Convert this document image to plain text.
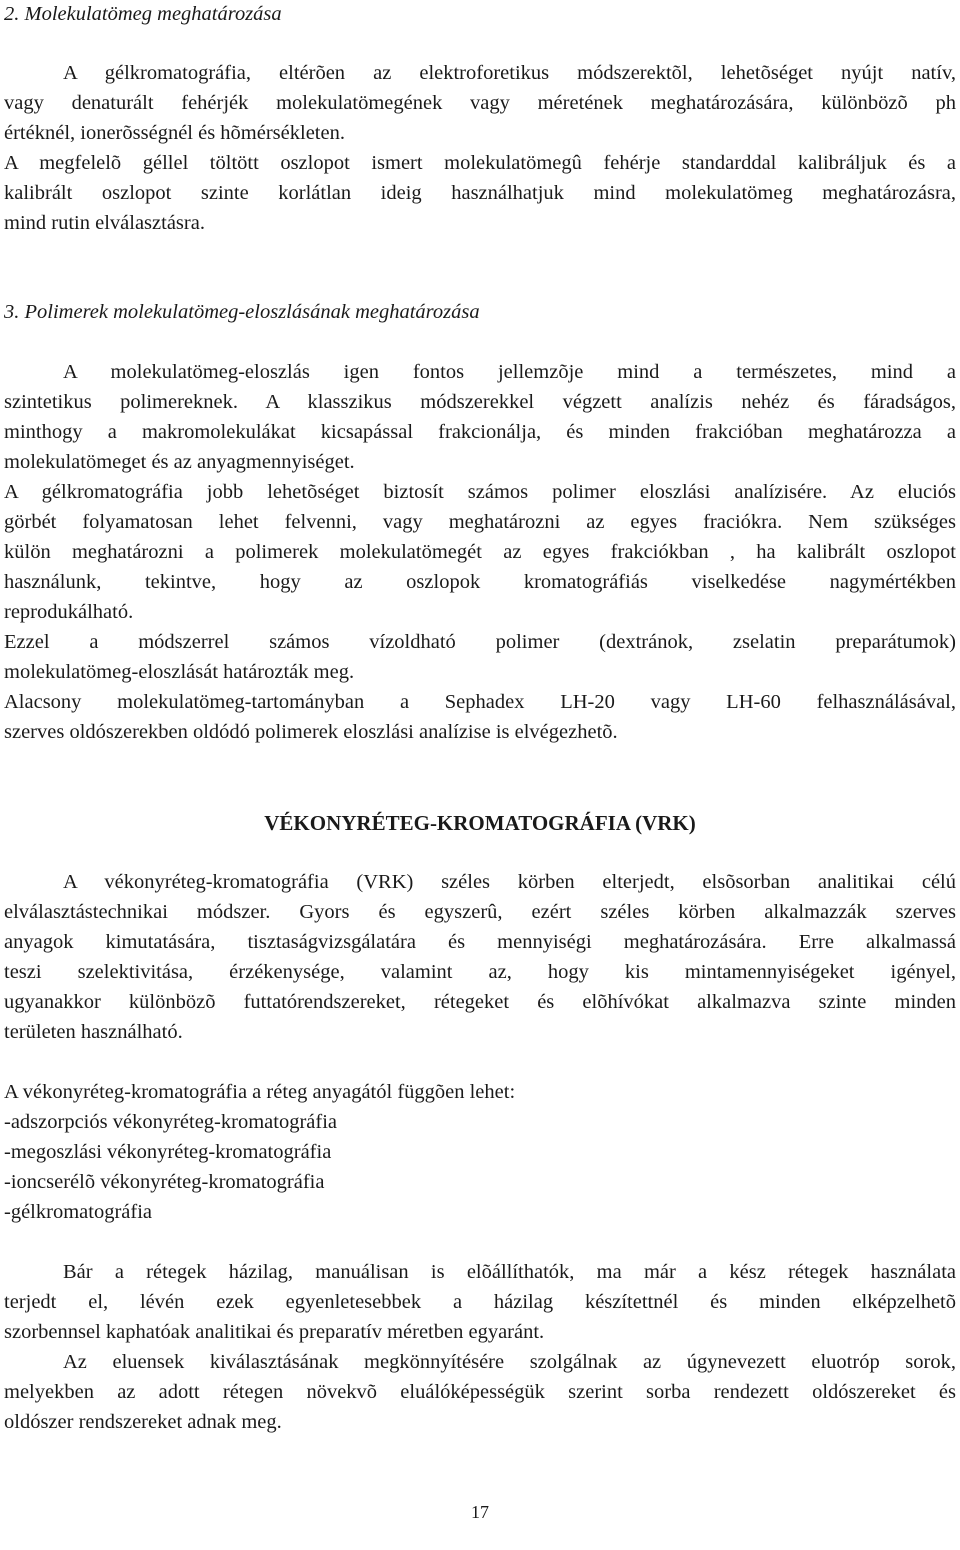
2. Molekulatömeg meghatározása
A gélkromatográfia, eltérõen az elektroforetikus módszerektõl, lehetõséget nyújt natív,
vagy denaturált fehérjék molekulatömegének vagy méretének meghatározására, különbözõ ph
értéknél, ionerõsségnél és hõmérsékleten.
A megfelelõ géllel töltött oszlopot ismert molekulatömegû fehérje standarddal kalibráljuk és a
kalibrált oszlopot szinte korlátlan ideig használhatjuk mind molekulatömeg meghatározásra,
mind rutin elválasztásra.
3. Polimerek molekulatömeg-eloszlásának meghatározása
A molekulatömeg-eloszlás igen fontos jellemzõje mind a természetes, mind a
szintetikus polimereknek. A klasszikus módszerekkel végzett analízis nehéz és fáradságos,
minthogy a makromolekulákat kicsapással frakcionálja, és minden frakcióban meghatározza a
molekulatömeget és az anyagmennyiséget.
A gélkromatográfia jobb lehetõséget biztosít számos polimer eloszlási analízisére. Az eluciós
görbét folyamatosan lehet felvenni, vagy meghatározni az egyes fraciókra. Nem szükséges
külön meghatározni a polimerek molekulatömegét az egyes frakciókban , ha kalibrált oszlopot
használunk, tekintve, hogy az oszlopok kromatográfiás viselkedése nagymértékben
reprodukálható.
Ezzel a módszerrel számos vízoldható polimer (dextránok, zselatin preparátumok)
molekulatömeg-eloszlását határozták meg.
Alacsony molekulatömeg-tartományban a Sephadex LH-20 vagy LH-60 felhasználásával,
szerves oldószerekben oldódó polimerek eloszlási analízise is elvégezhetõ.
VÉKONYRÉTEG-KROMATOGRÁFIA (VRK)
A vékonyréteg-kromatográfia (VRK) széles körben elterjedt, elsõsorban analitikai célú
elválasztástechnikai módszer. Gyors és egyszerû, ezért széles körben alkalmazzák szerves
anyagok kimutatására, tisztaságvizsgálatára és mennyiségi meghatározására. Erre alkalmassá
teszi szelektivitása, érzékenysége, valamint az, hogy kis mintamennyiségeket igényel,
ugyanakkor különbözõ futtatórendszereket, rétegeket és elõhívókat alkalmazva szinte minden
területen használható.
A vékonyréteg-kromatográfia a réteg anyagától függõen lehet:
-adszorpciós vékonyréteg-kromatográfia
-megoszlási vékonyréteg-kromatográfia
-ioncserélõ vékonyréteg-kromatográfia
-gélkromatográfia
Bár a rétegek házilag, manuálisan is elõállíthatók, ma már a kész rétegek használata
terjedt el, lévén ezek egyenletesebbek a házilag készítettnél és minden elképzelhetõ
szorbennsel kaphatóak analitikai és preparatív méretben egyaránt.
Az eluensek kiválasztásának megkönnyítésére szolgálnak az úgynevezett eluotróp sorok,
melyekben az adott rétegen növekvõ eluálóképességük szerint sorba rendezett oldószereket és
oldószer rendszereket adnak meg.
17
